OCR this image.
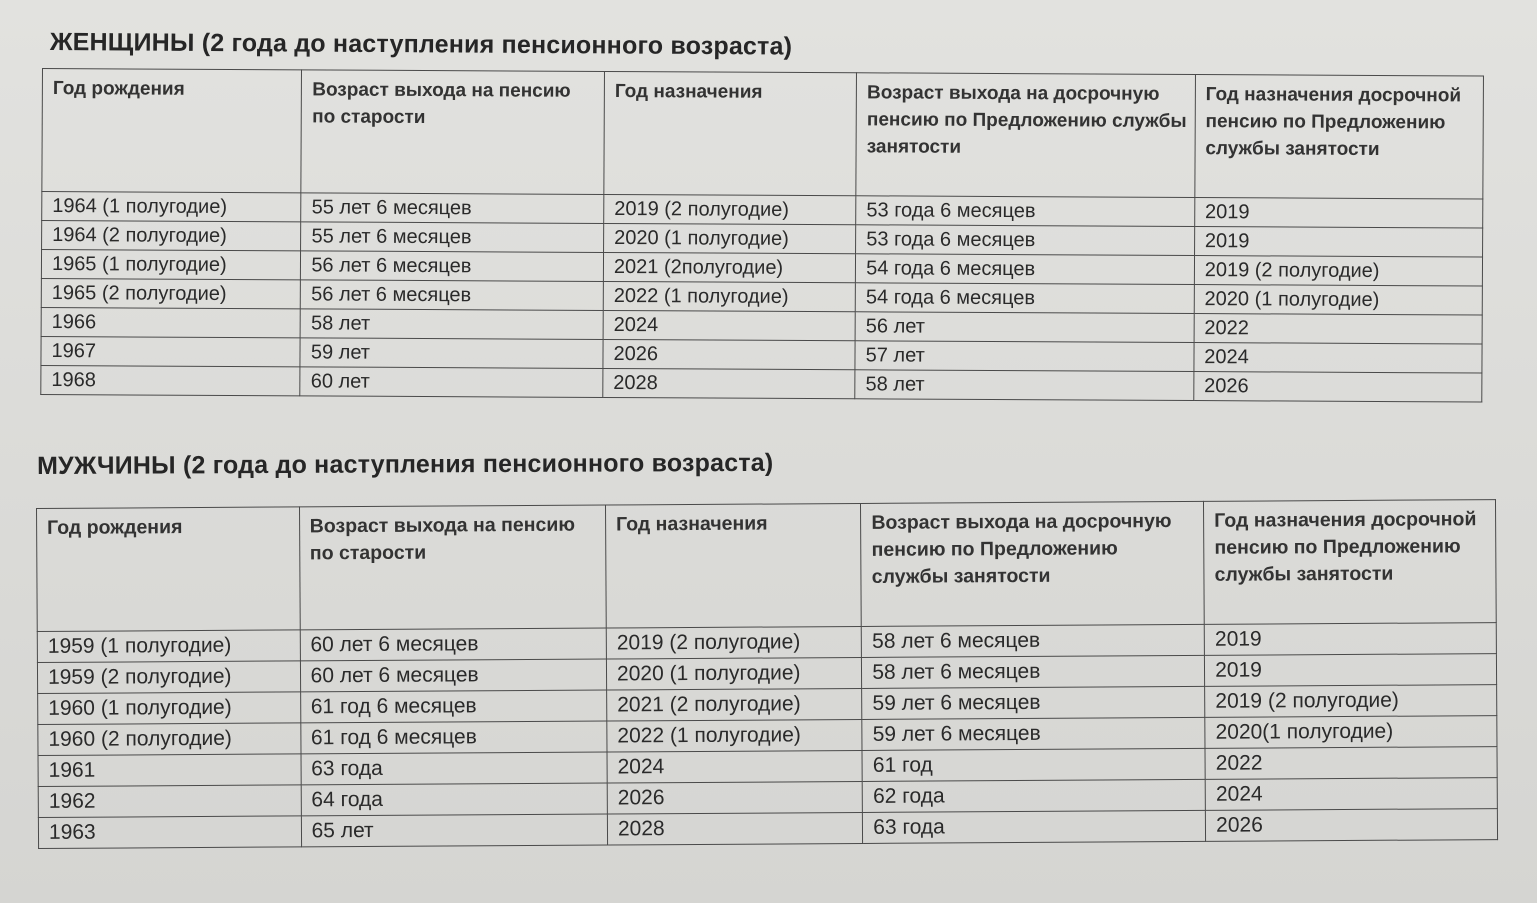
ЖЕНЩИНЫ (2 года до наступления пенсионного возраста)
Год рождения	Возраст выхода на пенсию по старости	Год назначения	Возраст выхода на досрочную пенсию по Предложению службы занятости	Год назначения досрочной пенсию по Предложению службы занятости
1964 (1 полугодие)	55 лет 6 месяцев	2019 (2 полугодие)	53 года 6 месяцев	2019
1964 (2 полугодие)	55 лет 6 месяцев	2020 (1 полугодие)	53 года 6 месяцев	2019
1965 (1 полугодие)	56 лет 6 месяцев	2021 (2полугодие)	54 года 6 месяцев	2019 (2 полугодие)
1965 (2 полугодие)	56 лет 6 месяцев	2022 (1 полугодие)	54 года 6 месяцев	2020 (1 полугодие)
1966	58 лет	2024	56 лет	2022
1967	59 лет	2026	57 лет	2024
1968	60 лет	2028	58 лет	2026
МУЖЧИНЫ (2 года до наступления пенсионного возраста)
Год рождения	Возраст выхода на пенсию по старости	Год назначения	Возраст выхода на досрочную пенсию по Предложению службы занятости	Год назначения досрочной пенсию по Предложению службы занятости
1959 (1 полугодие)	60 лет 6 месяцев	2019 (2 полугодие)	58 лет 6 месяцев	2019
1959 (2 полугодие)	60 лет 6 месяцев	2020 (1 полугодие)	58 лет 6 месяцев	2019
1960 (1 полугодие)	61 год 6 месяцев	2021 (2 полугодие)	59 лет 6 месяцев	2019 (2 полугодие)
1960 (2 полугодие)	61 год 6 месяцев	2022 (1 полугодие)	59 лет 6 месяцев	2020(1 полугодие)
1961	63 года	2024	61 год	2022
1962	64 года	2026	62 года	2024
1963	65 лет	2028	63 года	2026
